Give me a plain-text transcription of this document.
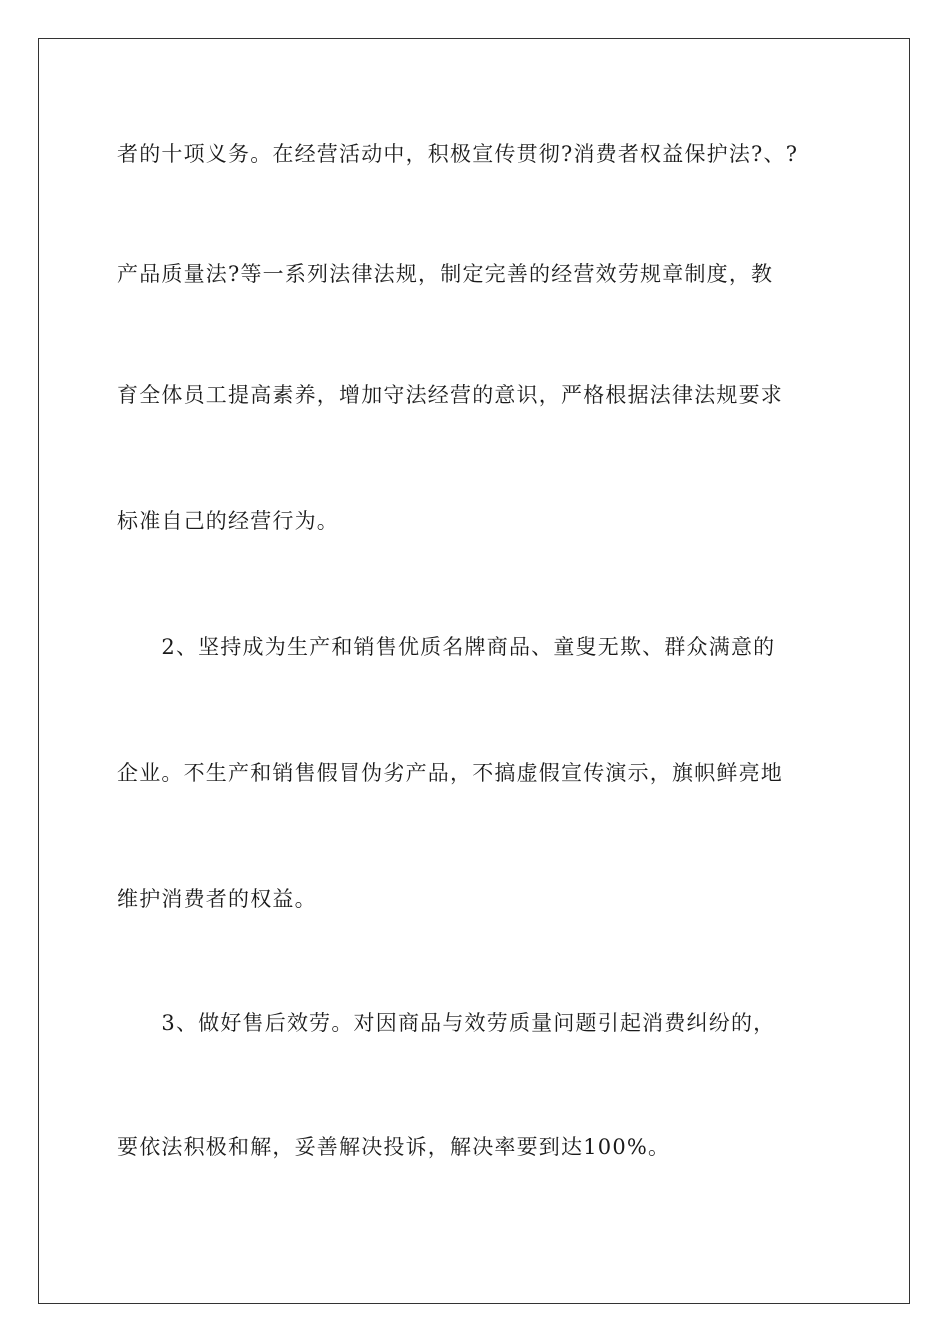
者的十项义务。在经营活动中，积极宣传贯彻?消费者权益保护法?、?
产品质量法?等一系列法律法规，制定完善的经营效劳规章制度，教
育全体员工提高素养，增加守法经营的意识，严格根据法律法规要求
标准自己的经营行为。
　　2、坚持成为生产和销售优质名牌商品、童叟无欺、群众满意的
企业。不生产和销售假冒伪劣产品，不搞虚假宣传演示，旗帜鲜亮地
维护消费者的权益。
　　3、做好售后效劳。对因商品与效劳质量问题引起消费纠纷的，
要依法积极和解，妥善解决投诉，解决率要到达100%。
